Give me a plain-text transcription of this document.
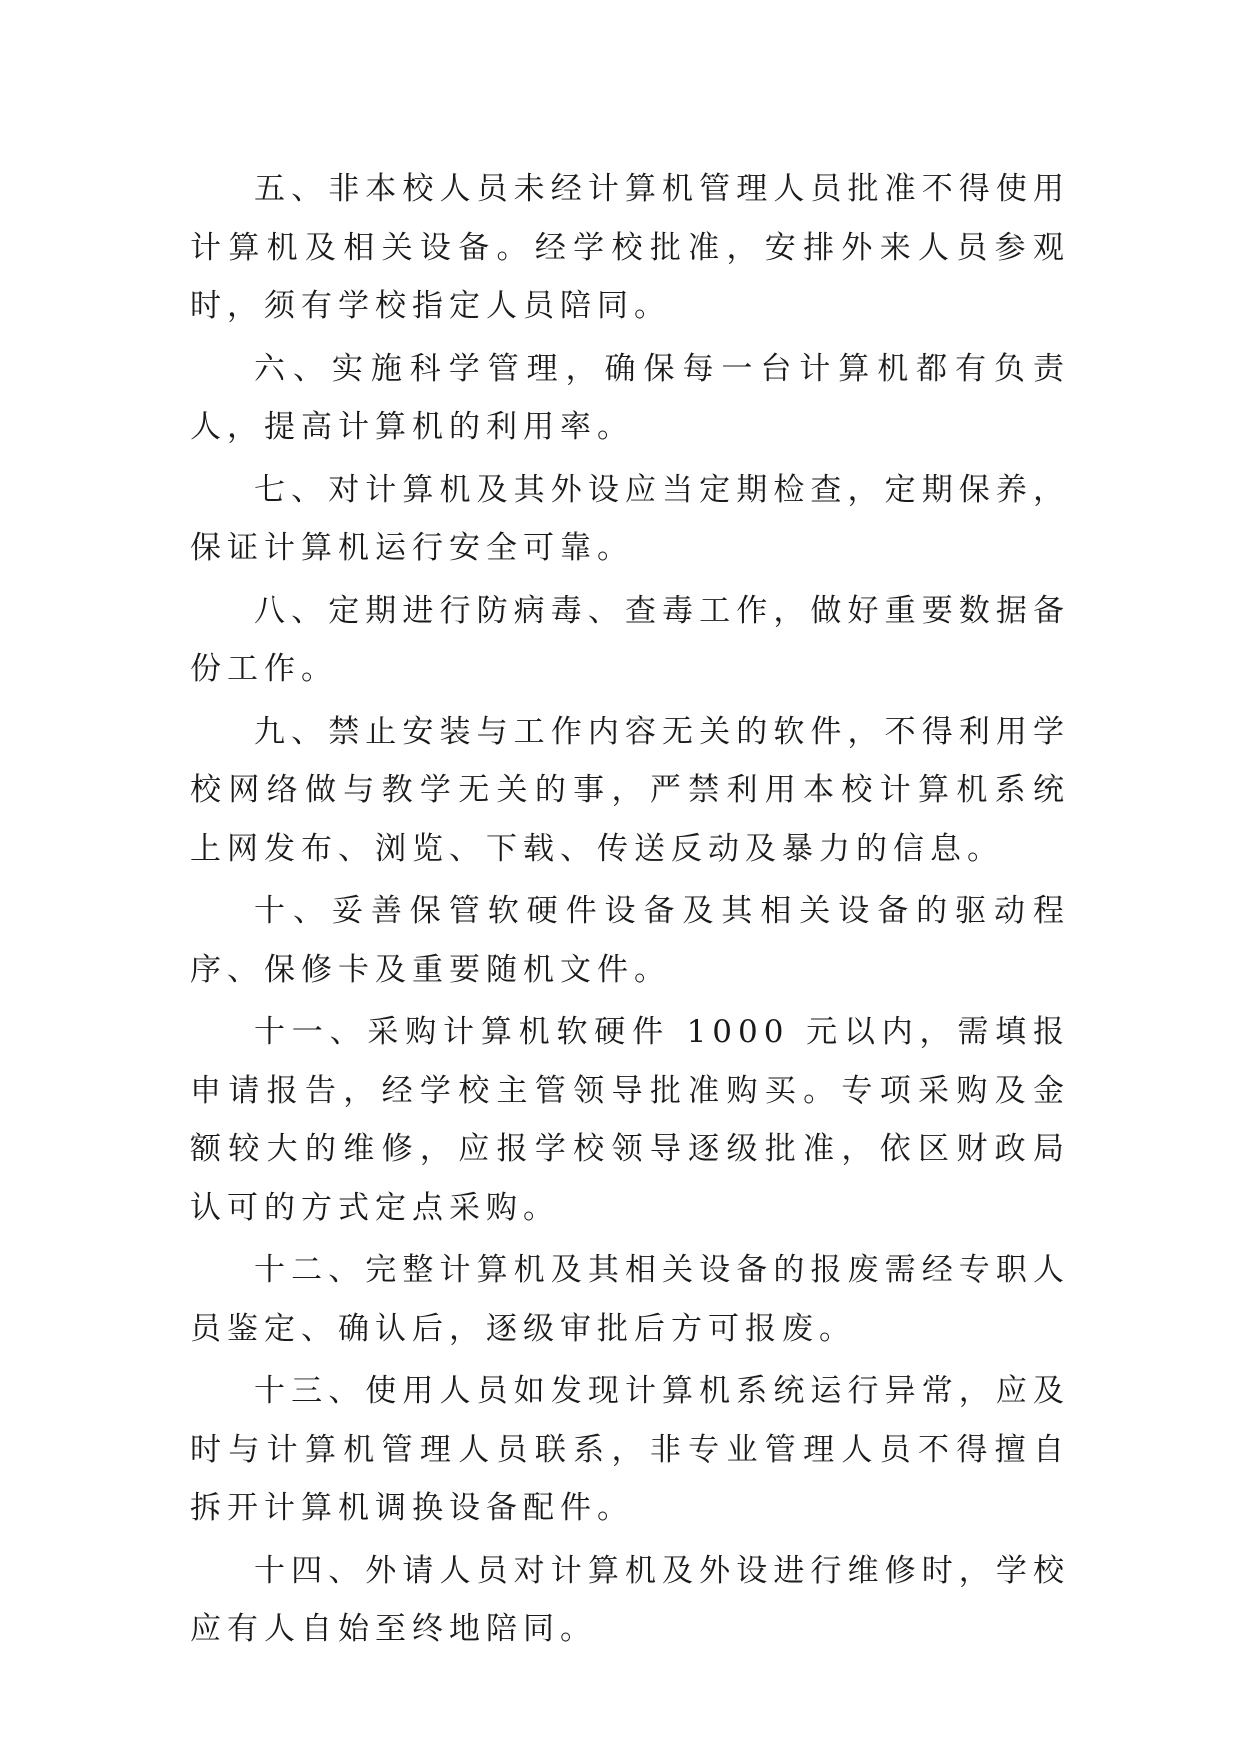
五、非本校人员未经计算机管理人员批准不得使用计算机及相关设备。经学校批准，安排外来人员参观时，须有学校指定人员陪同。

六、实施科学管理，确保每一台计算机都有负责人，提高计算机的利用率。

七、对计算机及其外设应当定期检查，定期保养，保证计算机运行安全可靠。

八、定期进行防病毒、查毒工作，做好重要数据备份工作。

九、禁止安装与工作内容无关的软件，不得利用学校网络做与教学无关的事，严禁利用本校计算机系统上网发布、浏览、下载、传送反动及暴力的信息。

十、妥善保管软硬件设备及其相关设备的驱动程序、保修卡及重要随机文件。

十一、采购计算机软硬件 1000 元以内，需填报申请报告，经学校主管领导批准购买。专项采购及金额较大的维修，应报学校领导逐级批准，依区财政局认可的方式定点采购。

十二、完整计算机及其相关设备的报废需经专职人员鉴定、确认后，逐级审批后方可报废。

十三、使用人员如发现计算机系统运行异常，应及时与计算机管理人员联系，非专业管理人员不得擅自拆开计算机调换设备配件。

十四、外请人员对计算机及外设进行维修时，学校应有人自始至终地陪同。
